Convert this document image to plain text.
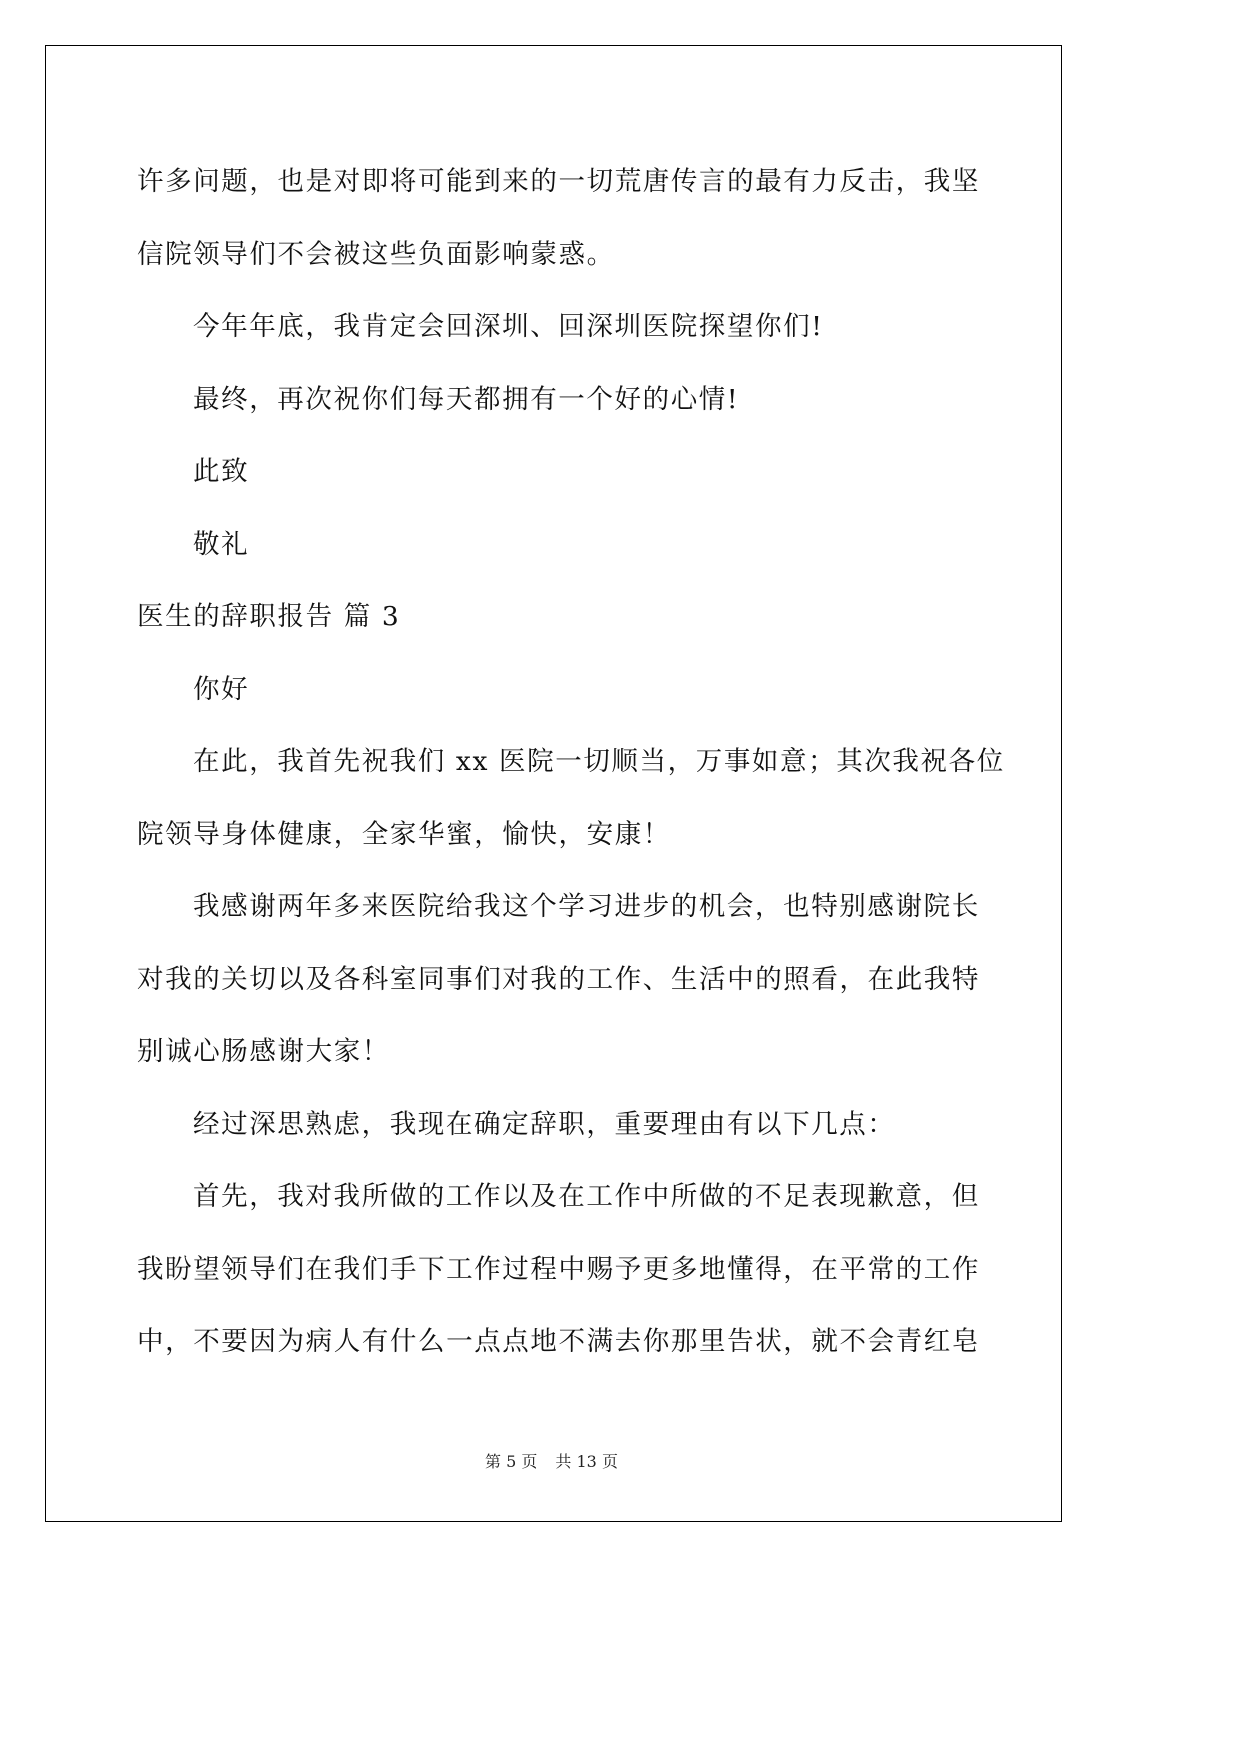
许多问题，也是对即将可能到来的一切荒唐传言的最有力反击，我坚

信院领导们不会被这些负面影响蒙惑。

今年年底，我肯定会回深圳、回深圳医院探望你们!

最终，再次祝你们每天都拥有一个好的心情!

此致

敬礼

医生的辞职报告 篇 3

你好

在此，我首先祝我们 xx 医院一切顺当，万事如意；其次我祝各位

院领导身体健康，全家华蜜，愉快，安康！

我感谢两年多来医院给我这个学习进步的机会，也特别感谢院长

对我的关切以及各科室同事们对我的工作、生活中的照看，在此我特

别诚心肠感谢大家！

经过深思熟虑，我现在确定辞职，重要理由有以下几点：

首先，我对我所做的工作以及在工作中所做的不足表现歉意，但

我盼望领导们在我们手下工作过程中赐予更多地懂得，在平常的工作

中，不要因为病人有什么一点点地不满去你那里告状，就不会青红皂

第 5 页 共 13 页
